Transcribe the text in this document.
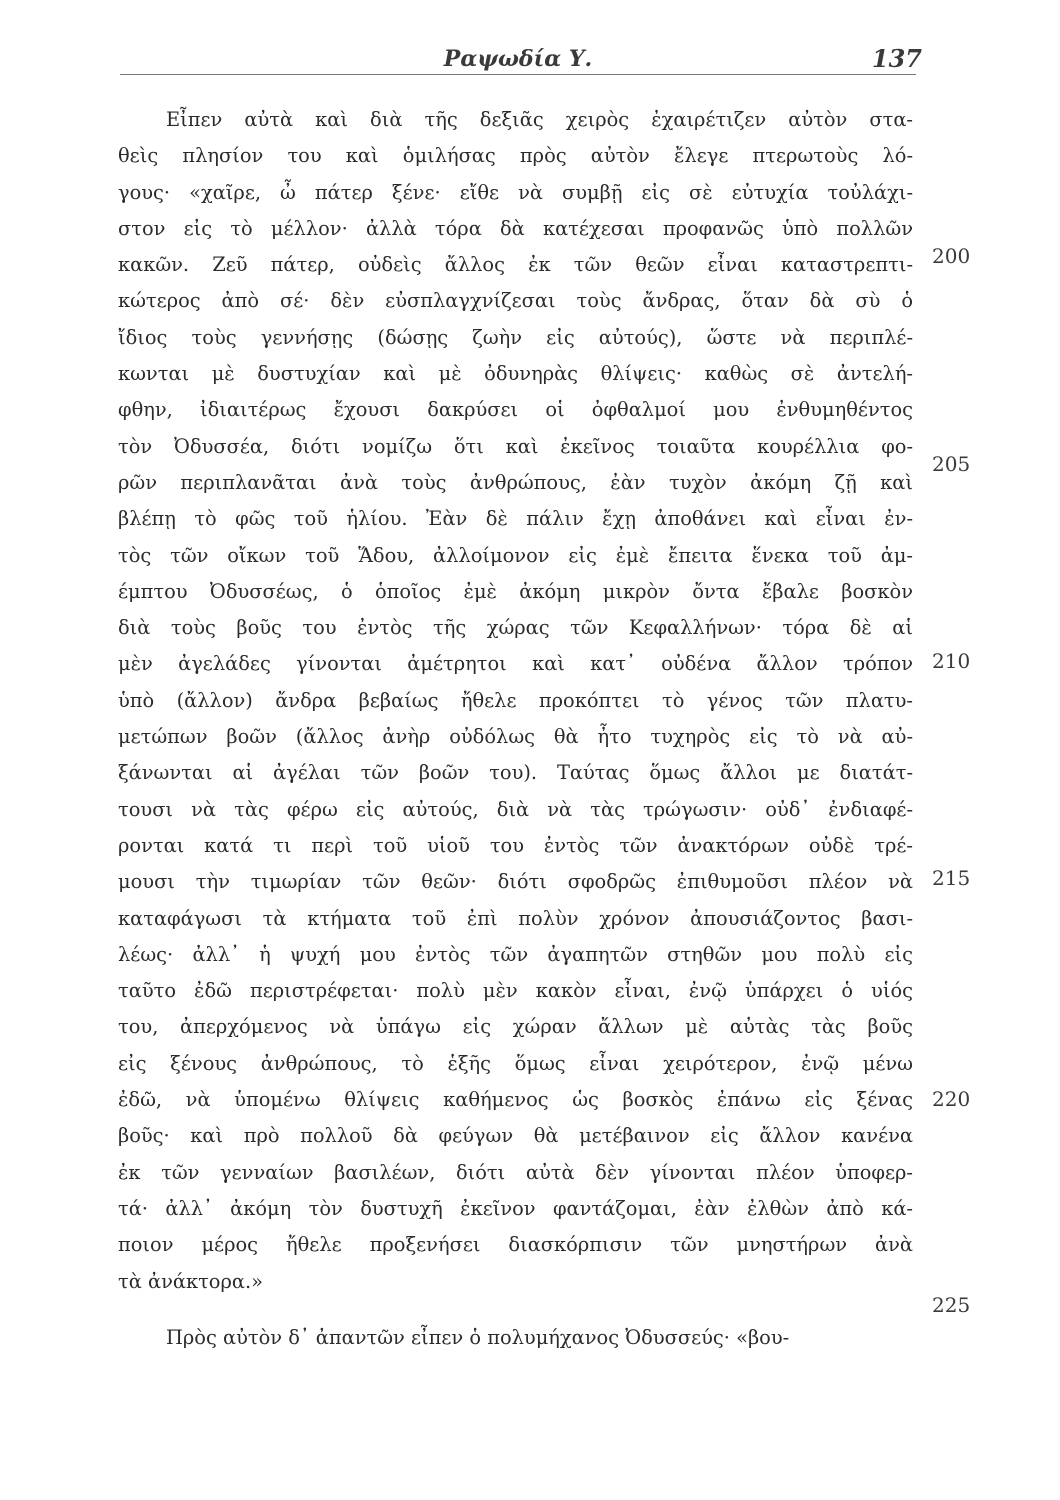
Ραψωδία Υ.	137
Εἶπεν αὐτὰ καὶ διὰ τῆς δεξιᾶς χειρὸς ἐχαιρέτιζεν αὐτὸν στα-
θεὶς πλησίον του καὶ ὁμιλήσας πρὸς αὐτὸν ἔλεγε πτερωτοὺς λό-
γους· «χαῖρε, ὦ πάτερ ξένε· εἴθε νὰ συμβῇ εἰς σὲ εὐτυχία τοὐλάχι-
στον εἰς τὸ μέλλον· ἀλλὰ τόρα δὰ κατέχεσαι προφανῶς ὑπὸ πολλῶν
κακῶν. Ζεῦ πάτερ, οὐδεὶς ἄλλος ἐκ τῶν θεῶν εἶναι καταστρεπτι-
κώτερος ἀπὸ σέ· δὲν εὐσπλαγχνίζεσαι τοὺς ἄνδρας, ὅταν δὰ σὺ ὁ
ἴδιος τοὺς γεννήσῃς (δώσῃς ζωὴν εἰς αὐτούς), ὥστε νὰ περιπλέ-
κωνται μὲ δυστυχίαν καὶ μὲ ὀδυνηρὰς θλίψεις· καθὼς σὲ ἀντελή-
φθην, ἰδιαιτέρως ἔχουσι δακρύσει οἱ ὀφθαλμοί μου ἐνθυμηθέντος
τὸν Ὀδυσσέα, διότι νομίζω ὅτι καὶ ἐκεῖνος τοιαῦτα κουρέλλια φο-
ρῶν περιπλανᾶται ἀνὰ τοὺς ἀνθρώπους, ἐὰν τυχὸν ἀκόμη ζῇ καὶ
βλέπῃ τὸ φῶς τοῦ ἡλίου. Ἐὰν δὲ πάλιν ἔχῃ ἀποθάνει καὶ εἶναι ἐν-
τὸς τῶν οἴκων τοῦ Ἅδου, ἀλλοίμονον εἰς ἐμὲ ἔπειτα ἕνεκα τοῦ ἀμ-
έμπτου Ὀδυσσέως, ὁ ὁποῖος ἐμὲ ἀκόμη μικρὸν ὄντα ἔβαλε βοσκὸν
διὰ τοὺς βοῦς του ἐντὸς τῆς χώρας τῶν Κεφαλλήνων· τόρα δὲ αἱ
μὲν ἀγελάδες γίνονται ἀμέτρητοι καὶ κατ᾽ οὐδένα ἄλλον τρόπον
ὑπὸ (ἄλλον) ἄνδρα βεβαίως ἤθελε προκόπτει τὸ γένος τῶν πλατυ-
μετώπων βοῶν (ἄλλος ἀνὴρ οὐδόλως θὰ ἦτο τυχηρὸς εἰς τὸ νὰ αὐ-
ξάνωνται αἱ ἀγέλαι τῶν βοῶν του). Ταύτας ὅμως ἄλλοι με διατάτ-
τουσι νὰ τὰς φέρω εἰς αὐτούς, διὰ νὰ τὰς τρώγωσιν· οὐδ᾽ ἐνδιαφέ-
ρονται κατά τι περὶ τοῦ υἱοῦ του ἐντὸς τῶν ἀνακτόρων οὐδὲ τρέ-
μουσι τὴν τιμωρίαν τῶν θεῶν· διότι σφοδρῶς ἐπιθυμοῦσι πλέον νὰ
καταφάγωσι τὰ κτήματα τοῦ ἐπὶ πολὺν χρόνον ἀπουσιάζοντος βασι-
λέως· ἀλλ᾽ ἡ ψυχή μου ἐντὸς τῶν ἀγαπητῶν στηθῶν μου πολὺ εἰς
ταῦτο ἐδῶ περιστρέφεται· πολὺ μὲν κακὸν εἶναι, ἐνῷ ὑπάρχει ὁ υἱός
του, ἀπερχόμενος νὰ ὑπάγω εἰς χώραν ἄλλων μὲ αὐτὰς τὰς βοῦς
εἰς ξένους ἀνθρώπους, τὸ ἑξῆς ὅμως εἶναι χειρότερον, ἐνῷ μένω
ἐδῶ, νὰ ὑπομένω θλίψεις καθήμενος ὡς βοσκὸς ἐπάνω εἰς ξένας
βοῦς· καὶ πρὸ πολλοῦ δὰ φεύγων θὰ μετέβαινον εἰς ἄλλον κανένα
ἐκ τῶν γενναίων βασιλέων, διότι αὐτὰ δὲν γίνονται πλέον ὑποφερ-
τά· ἀλλ᾽ ἀκόμη τὸν δυστυχῆ ἐκεῖνον φαντάζομαι, ἐὰν ἐλθὼν ἀπὸ κά-
ποιον μέρος ἤθελε προξενήσει διασκόρπισιν τῶν μνηστήρων ἀνὰ
τὰ ἀνάκτορα.»
Πρὸς αὐτὸν δ᾽ ἀπαντῶν εἶπεν ὁ πολυμήχανος Ὀδυσσεύς· «βου-
200
205
210
215
220
225
